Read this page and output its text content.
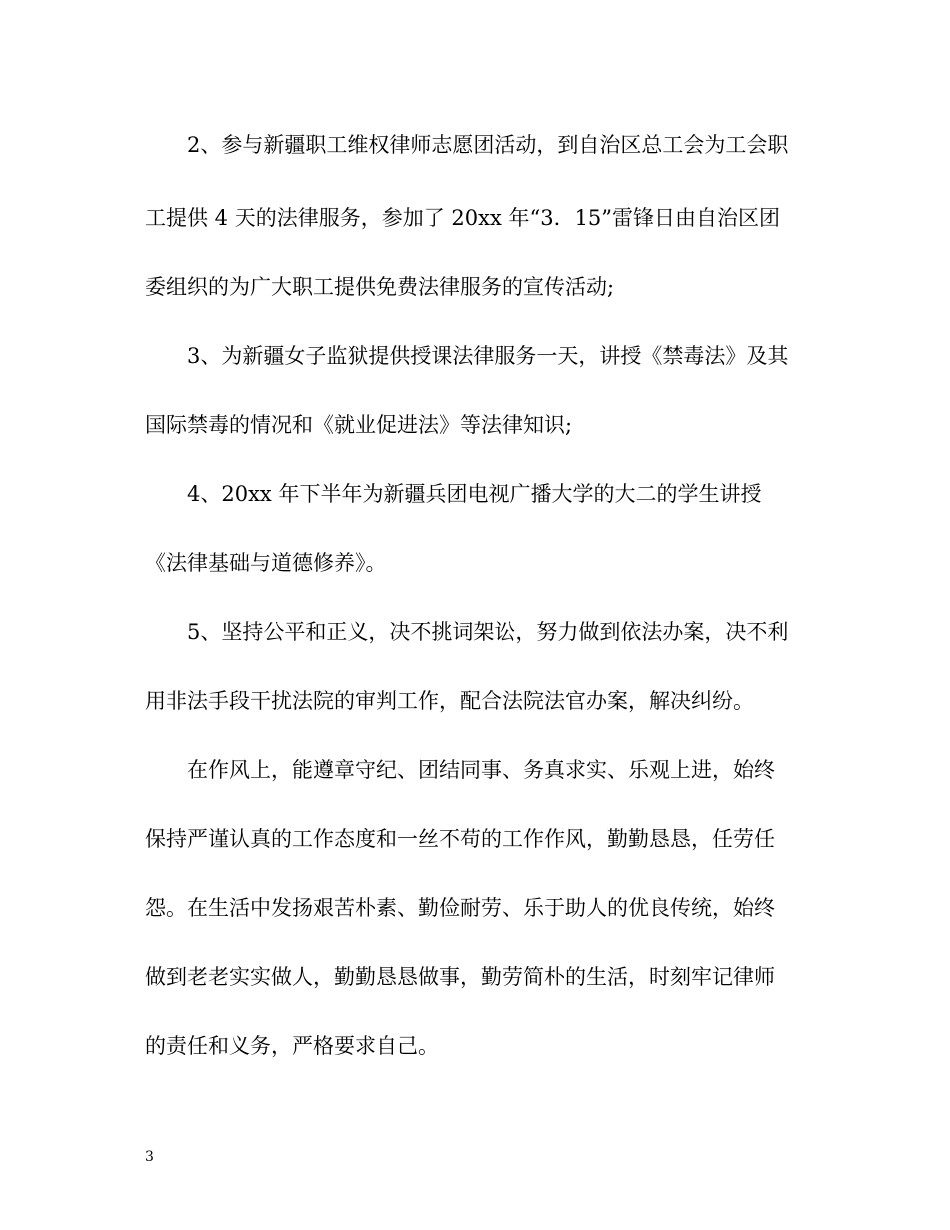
2、参与新疆职工维权律师志愿团活动，到自治区总工会为工会职
工提供 4 天的法律服务，参加了 20xx 年“3．15”雷锋日由自治区团
委组织的为广大职工提供免费法律服务的宣传活动;
3、为新疆女子监狱提供授课法律服务一天，讲授《禁毒法》及其
国际禁毒的情况和《就业促进法》等法律知识;
4、20xx 年下半年为新疆兵团电视广播大学的大二的学生讲授
《法律基础与道德修养》。
5、坚持公平和正义，决不挑词架讼，努力做到依法办案，决不利
用非法手段干扰法院的审判工作，配合法院法官办案，解决纠纷。
在作风上，能遵章守纪、团结同事、务真求实、乐观上进，始终
保持严谨认真的工作态度和一丝不苟的工作作风，勤勤恳恳，任劳任
怨。在生活中发扬艰苦朴素、勤俭耐劳、乐于助人的优良传统，始终
做到老老实实做人，勤勤恳恳做事，勤劳简朴的生活，时刻牢记律师
的责任和义务，严格要求自己。
3
